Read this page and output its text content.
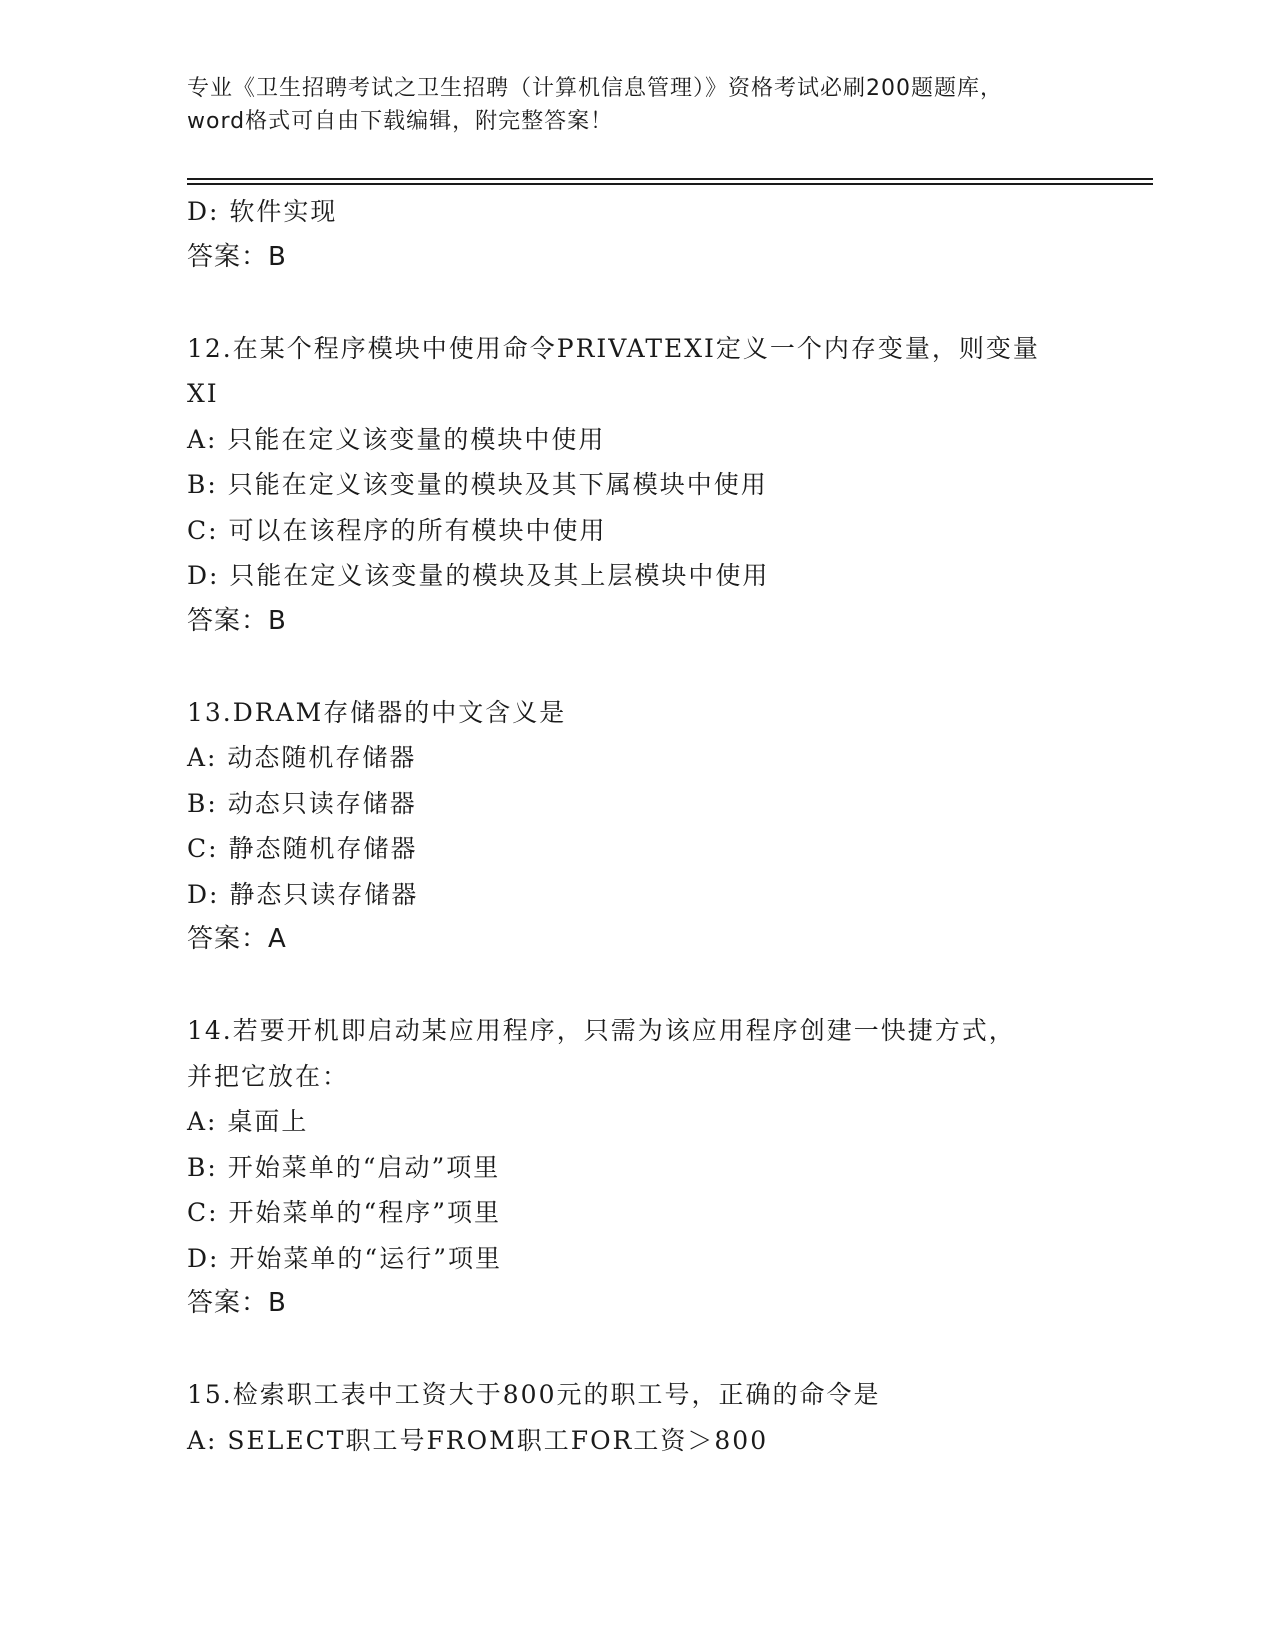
专业《卫生招聘考试之卫生招聘（计算机信息管理）》资格考试必刷200题题库，
word格式可自由下载编辑，附完整答案！
D: 软件实现
答案：B
12.在某个程序模块中使用命令PRIVATEXI定义一个内存变量，则变量
XI
A: 只能在定义该变量的模块中使用
B: 只能在定义该变量的模块及其下属模块中使用
C: 可以在该程序的所有模块中使用
D: 只能在定义该变量的模块及其上层模块中使用
答案：B
13.DRAM存储器的中文含义是
A: 动态随机存储器
B: 动态只读存储器
C: 静态随机存储器
D: 静态只读存储器
答案：A
14.若要开机即启动某应用程序，只需为该应用程序创建一快捷方式，
并把它放在：
A: 桌面上
B: 开始菜单的“启动”项里
C: 开始菜单的“程序”项里
D: 开始菜单的“运行”项里
答案：B
15.检索职工表中工资大于800元的职工号，正确的命令是
A: SELECT职工号FROM职工FOR工资＞800
